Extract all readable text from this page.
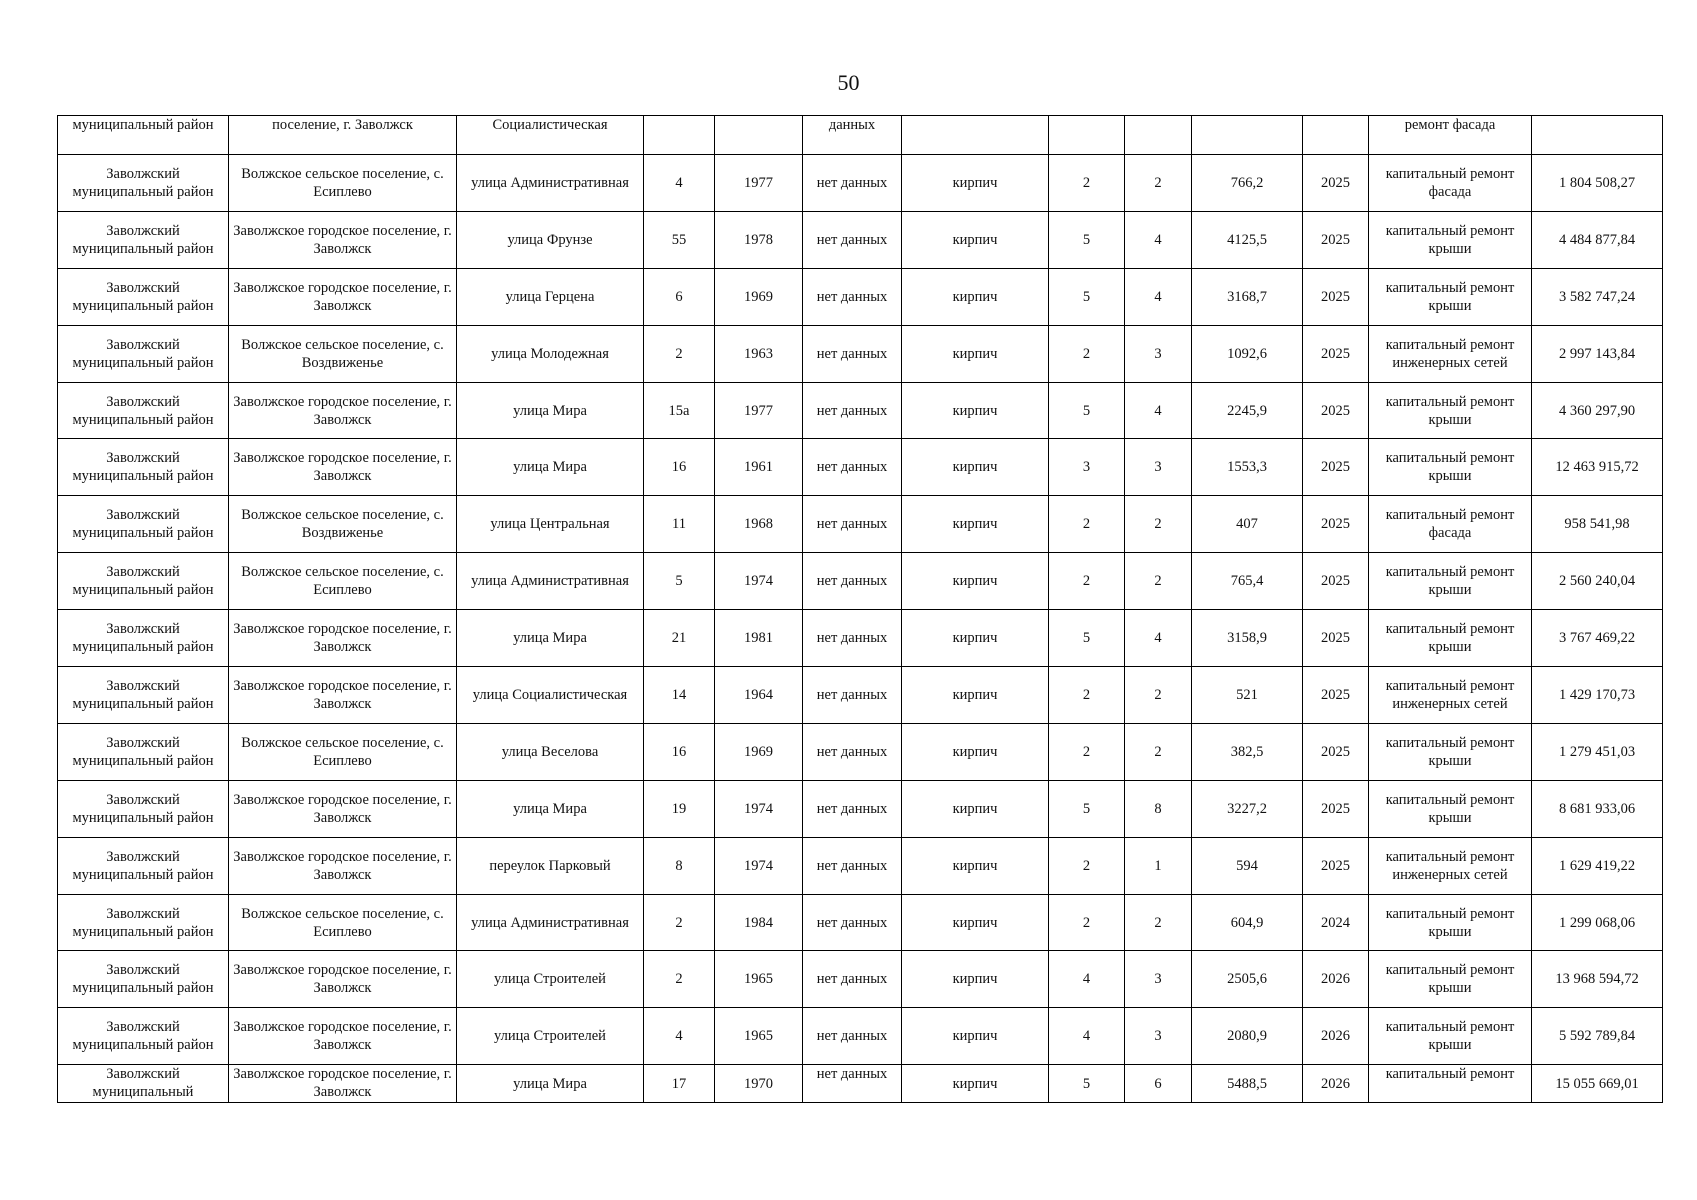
50
муниципальный район	поселение, г. Заволжск	Социалистическая			данных						ремонт фасада	
Заволжский муниципальный район	Волжское сельское поселение, с. Есиплево	улица Административная	4	1977	нет данных	кирпич	2	2	766,2	2025	капитальный ремонт фасада	1 804 508,27
Заволжский муниципальный район	Заволжское городское поселение, г. Заволжск	улица Фрунзе	55	1978	нет данных	кирпич	5	4	4125,5	2025	капитальный ремонт крыши	4 484 877,84
Заволжский муниципальный район	Заволжское городское поселение, г. Заволжск	улица Герцена	6	1969	нет данных	кирпич	5	4	3168,7	2025	капитальный ремонт крыши	3 582 747,24
Заволжский муниципальный район	Волжское сельское поселение, с. Воздвиженье	улица Молодежная	2	1963	нет данных	кирпич	2	3	1092,6	2025	капитальный ремонт инженерных сетей	2 997 143,84
Заволжский муниципальный район	Заволжское городское поселение, г. Заволжск	улица Мира	15а	1977	нет данных	кирпич	5	4	2245,9	2025	капитальный ремонт крыши	4 360 297,90
Заволжский муниципальный район	Заволжское городское поселение, г. Заволжск	улица Мира	16	1961	нет данных	кирпич	3	3	1553,3	2025	капитальный ремонт крыши	12 463 915,72
Заволжский муниципальный район	Волжское сельское поселение, с. Воздвиженье	улица Центральная	11	1968	нет данных	кирпич	2	2	407	2025	капитальный ремонт фасада	958 541,98
Заволжский муниципальный район	Волжское сельское поселение, с. Есиплево	улица Административная	5	1974	нет данных	кирпич	2	2	765,4	2025	капитальный ремонт крыши	2 560 240,04
Заволжский муниципальный район	Заволжское городское поселение, г. Заволжск	улица Мира	21	1981	нет данных	кирпич	5	4	3158,9	2025	капитальный ремонт крыши	3 767 469,22
Заволжский муниципальный район	Заволжское городское поселение, г. Заволжск	улица Социалистическая	14	1964	нет данных	кирпич	2	2	521	2025	капитальный ремонт инженерных сетей	1 429 170,73
Заволжский муниципальный район	Волжское сельское поселение, с. Есиплево	улица Веселова	16	1969	нет данных	кирпич	2	2	382,5	2025	капитальный ремонт крыши	1 279 451,03
Заволжский муниципальный район	Заволжское городское поселение, г. Заволжск	улица Мира	19	1974	нет данных	кирпич	5	8	3227,2	2025	капитальный ремонт крыши	8 681 933,06
Заволжский муниципальный район	Заволжское городское поселение, г. Заволжск	переулок Парковый	8	1974	нет данных	кирпич	2	1	594	2025	капитальный ремонт инженерных сетей	1 629 419,22
Заволжский муниципальный район	Волжское сельское поселение, с. Есиплево	улица Административная	2	1984	нет данных	кирпич	2	2	604,9	2024	капитальный ремонт крыши	1 299 068,06
Заволжский муниципальный район	Заволжское городское поселение, г. Заволжск	улица Строителей	2	1965	нет данных	кирпич	4	3	2505,6	2026	капитальный ремонт крыши	13 968 594,72
Заволжский муниципальный район	Заволжское городское поселение, г. Заволжск	улица Строителей	4	1965	нет данных	кирпич	4	3	2080,9	2026	капитальный ремонт крыши	5 592 789,84
Заволжский муниципальный	Заволжское городское поселение, г. Заволжск	улица Мира	17	1970	нет данных	кирпич	5	6	5488,5	2026	капитальный ремонт	15 055 669,01
